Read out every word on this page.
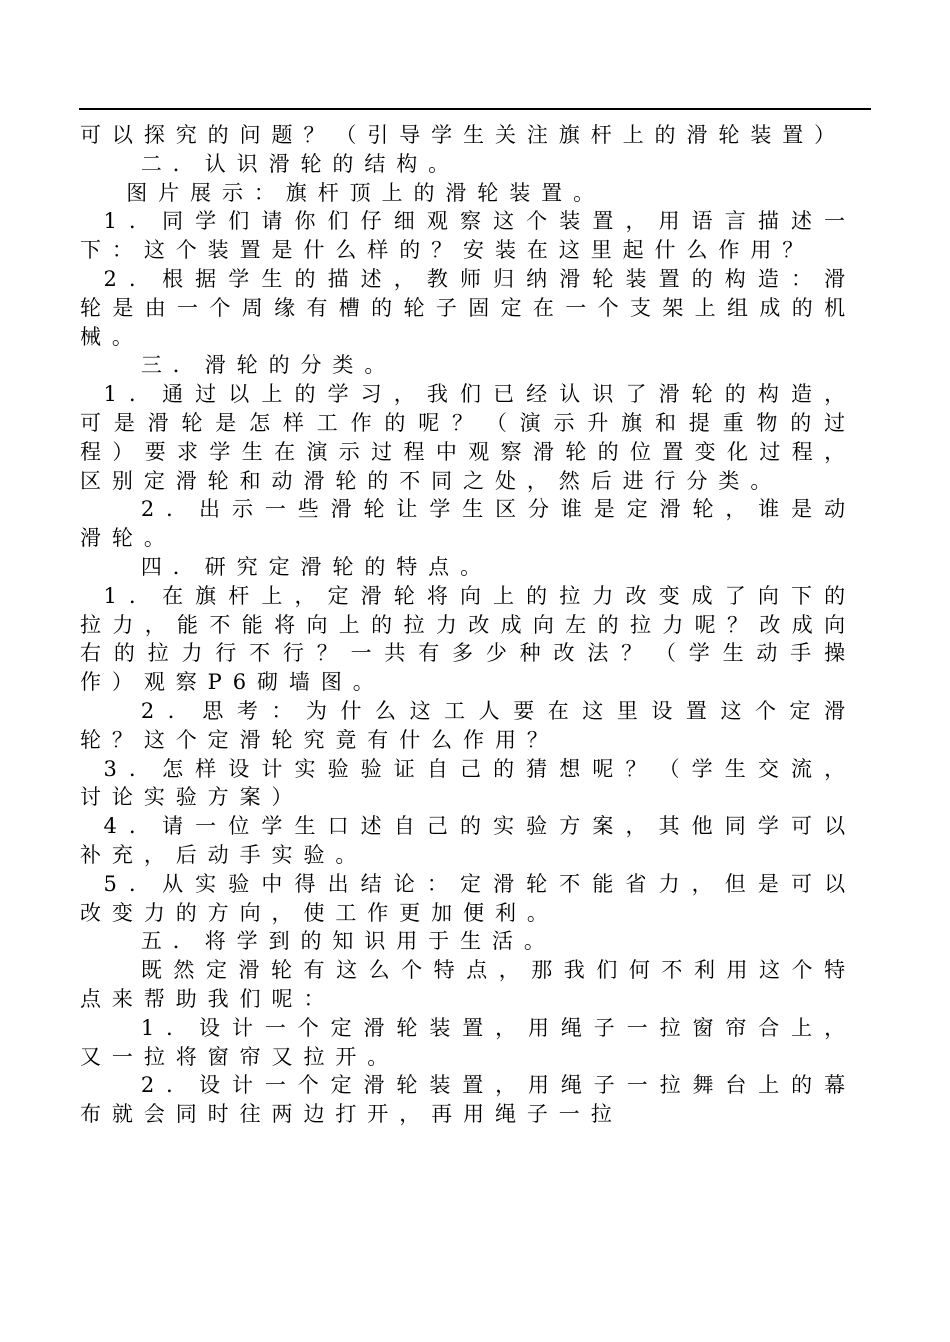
可以探究的问题？（引导学生关注旗杆上的滑轮装置）

二．认识滑轮的结构。

图片展示：旗杆顶上的滑轮装置。

1．同学们请你们仔细观察这个装置，用语言描述一下：这个装置是什么样的？安装在这里起什么作用？

2．根据学生的描述，教师归纳滑轮装置的构造：滑轮是由一个周缘有槽的轮子固定在一个支架上组成的机械。

三．滑轮的分类。

1．通过以上的学习，我们已经认识了滑轮的构造，可是滑轮是怎样工作的呢？（演示升旗和提重物的过程）要求学生在演示过程中观察滑轮的位置变化过程，区别定滑轮和动滑轮的不同之处，然后进行分类。

2．出示一些滑轮让学生区分谁是定滑轮，谁是动滑轮。

四．研究定滑轮的特点。

1．在旗杆上，定滑轮将向上的拉力改变成了向下的拉力，能不能将向上的拉力改成向左的拉力呢？改成向右的拉力行不行？一共有多少种改法？（学生动手操作）观察P6砌墙图。

2．思考：为什么这工人要在这里设置这个定滑轮？这个定滑轮究竟有什么作用？

3．怎样设计实验验证自己的猜想呢？（学生交流，讨论实验方案）

4．请一位学生口述自己的实验方案，其他同学可以补充，后动手实验。

5．从实验中得出结论：定滑轮不能省力，但是可以改变力的方向，使工作更加便利。

五．将学到的知识用于生活。

既然定滑轮有这么个特点，那我们何不利用这个特点来帮助我们呢：

1．设计一个定滑轮装置，用绳子一拉窗帘合上，又一拉将窗帘又拉开。

2．设计一个定滑轮装置，用绳子一拉舞台上的幕布就会同时往两边打开，再用绳子一拉
